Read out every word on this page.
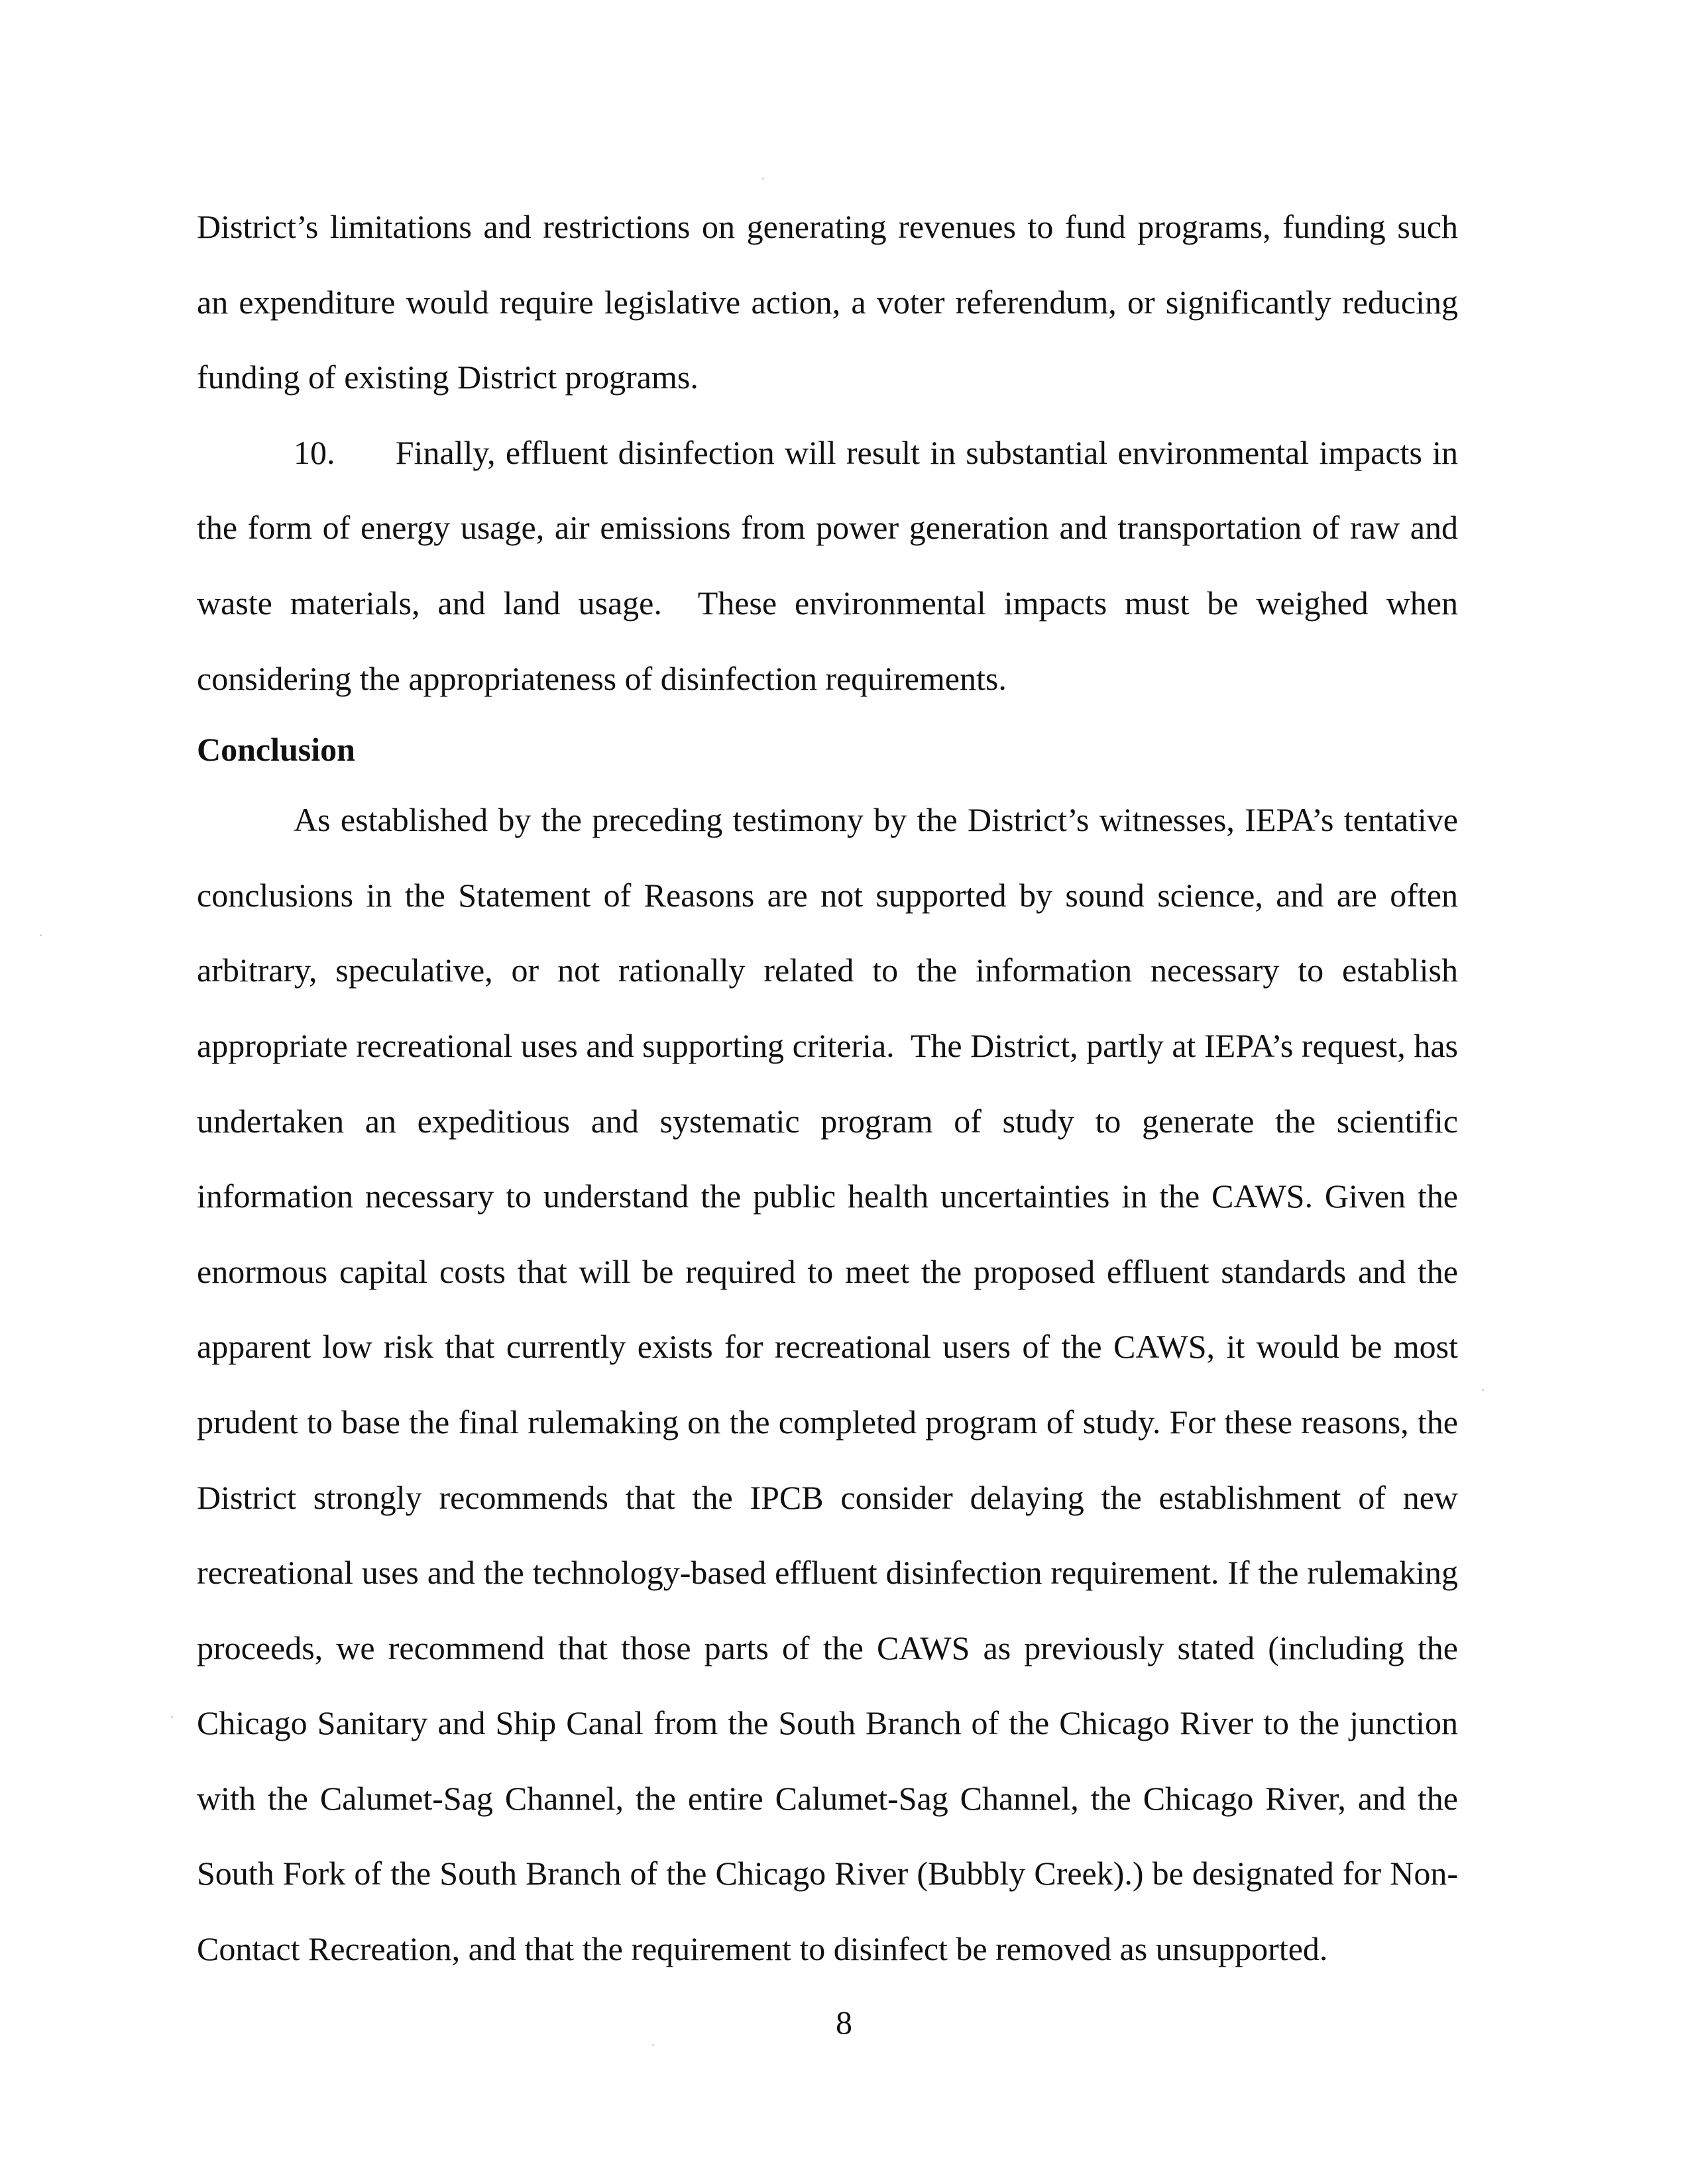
District’s limitations and restrictions on generating revenues to fund programs, funding such an expenditure would require legislative action, a voter referendum, or significantly reducing funding of existing District programs.

10.      Finally, effluent disinfection will result in substantial environmental impacts in the form of energy usage, air emissions from power generation and transportation of raw and waste materials, and land usage.  These environmental impacts must be weighed when considering the appropriateness of disinfection requirements.

Conclusion

As established by the preceding testimony by the District’s witnesses, IEPA’s tentative conclusions in the Statement of Reasons are not supported by sound science, and are often arbitrary, speculative, or not rationally related to the information necessary to establish appropriate recreational uses and supporting criteria.  The District, partly at IEPA’s request, has undertaken an expeditious and systematic program of study to generate the scientific information necessary to understand the public health uncertainties in the CAWS. Given the enormous capital costs that will be required to meet the proposed effluent standards and the apparent low risk that currently exists for recreational users of the CAWS, it would be most prudent to base the final rulemaking on the completed program of study. For these reasons, the District strongly recommends that the IPCB consider delaying the establishment of new recreational uses and the technology-based effluent disinfection requirement. If the rulemaking proceeds, we recommend that those parts of the CAWS as previously stated (including the Chicago Sanitary and Ship Canal from the South Branch of the Chicago River to the junction with the Calumet-Sag Channel, the entire Calumet-Sag Channel, the Chicago River, and the South Fork of the South Branch of the Chicago River (Bubbly Creek).) be designated for Non-Contact Recreation, and that the requirement to disinfect be removed as unsupported.

8
